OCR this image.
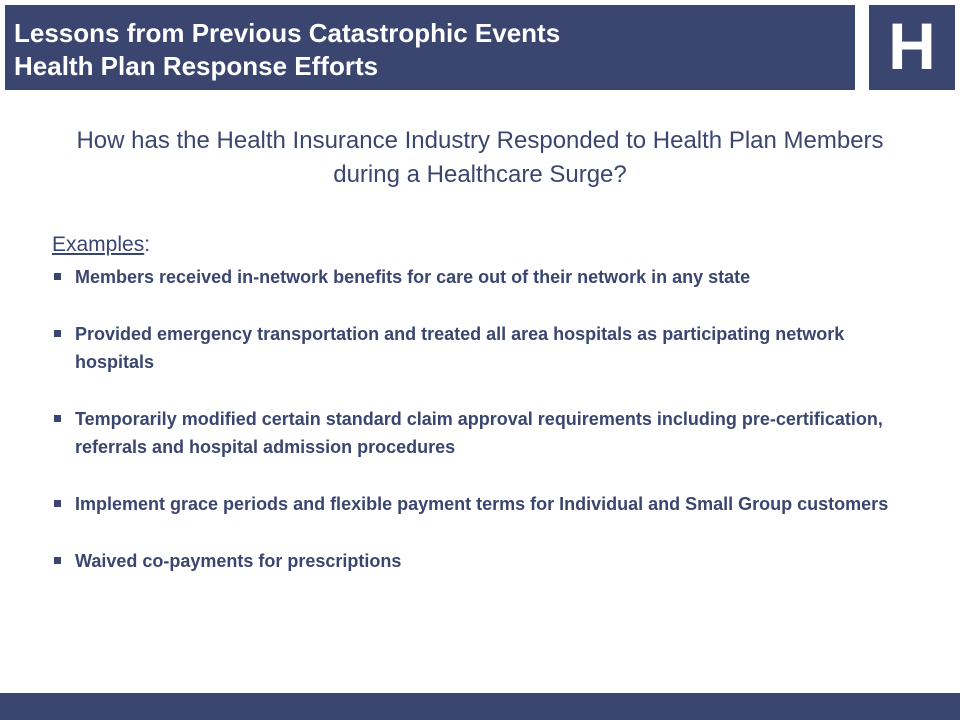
Lessons from Previous Catastrophic Events
Health Plan Response Efforts	H
How has the Health Insurance Industry Responded to Health Plan Members during a Healthcare Surge?
Examples:
Members received in-network benefits for care out of their network in any state
Provided emergency transportation and treated all area hospitals as participating network hospitals
Temporarily modified certain standard claim approval requirements including pre-certification, referrals and hospital admission procedures
Implement grace periods and flexible payment terms for Individual and Small Group customers
Waived co-payments for prescriptions
